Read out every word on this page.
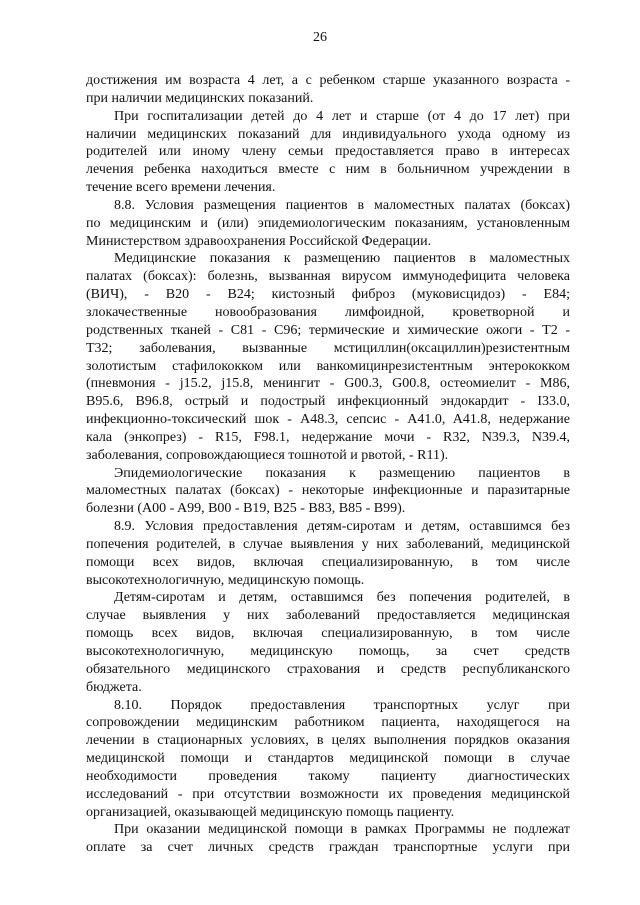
26

достижения им возраста 4 лет, а с ребенком старше указанного возраста -

при наличии медицинских показаний.

При госпитализации детей до 4 лет и старше (от 4 до 17 лет) при

наличии медицинских показаний для индивидуального ухода одному из

родителей или иному члену семьи предоставляется право в интересах

лечения ребенка находиться вместе с ним в больничном учреждении в

течение всего времени лечения.

8.8. Условия размещения пациентов в маломестных палатах (боксах)

по медицинским и (или) эпидемиологическим показаниям, установленным

Министерством здравоохранения Российской Федерации.

Медицинские показания к размещению пациентов в маломестных

палатах (боксах): болезнь, вызванная вирусом иммунодефицита человека

(ВИЧ), - B20 - B24; кистозный фиброз (муковисцидоз) - E84;

злокачественные новообразования лимфоидной, кроветворной и

родственных тканей - C81 - C96; термические и химические ожоги - T2 -

T32; заболевания, вызванные мстициллин(оксациллин)резистентным

золотистым стафилококком или ванкомицинрезистентным энтерококком

(пневмония - j15.2, j15.8, менингит - G00.3, G00.8, остеомиелит - M86,

B95.6, B96.8, острый и подострый инфекционный эндокардит - I33.0,

инфекционно-токсический шок - A48.3, сепсис - A41.0, A41.8, недержание

кала (энкопрез) - R15, F98.1, недержание мочи - R32, N39.3, N39.4,

заболевания, сопровождающиеся тошнотой и рвотой, - R11).

Эпидемиологические показания к размещению пациентов в

маломестных палатах (боксах) - некоторые инфекционные и паразитарные

болезни (A00 - A99, B00 - B19, B25 - B83, B85 - B99).

8.9. Условия предоставления детям-сиротам и детям, оставшимся без

попечения родителей, в случае выявления у них заболеваний, медицинской

помощи всех видов, включая специализированную, в том числе

высокотехнологичную, медицинскую помощь.

Детям-сиротам и детям, оставшимся без попечения родителей, в

случае выявления у них заболеваний предоставляется медицинская

помощь всех видов, включая специализированную, в том числе

высокотехнологичную, медицинскую помощь, за счет средств

обязательного медицинского страхования и средств республиканского

бюджета.

8.10. Порядок предоставления транспортных услуг при

сопровождении медицинским работником пациента, находящегося на

лечении в стационарных условиях, в целях выполнения порядков оказания

медицинской помощи и стандартов медицинской помощи в случае

необходимости проведения такому пациенту диагностических

исследований - при отсутствии возможности их проведения медицинской

организацией, оказывающей медицинскую помощь пациенту.

При оказании медицинской помощи в рамках Программы не подлежат

оплате за счет личных средств граждан транспортные услуги при
